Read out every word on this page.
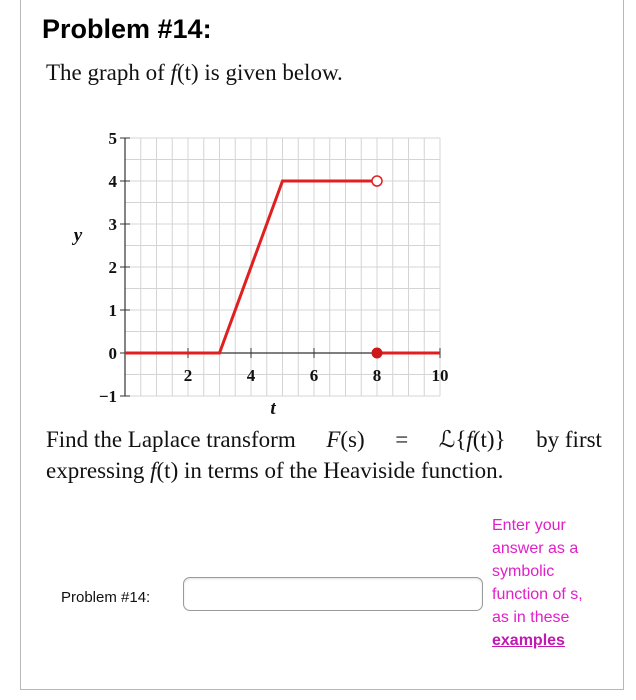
Problem #14:
The graph of f(t) is given below.
−1
0
1
2
3
4
5
2	4	6	8	10
t
y
Find the Laplace transform F(s) = ℒ{f(t)} by first
expressing f(t) in terms of the Heaviside function.
Problem #14:
Enter your answer as a symbolic function of s, as in these examples
